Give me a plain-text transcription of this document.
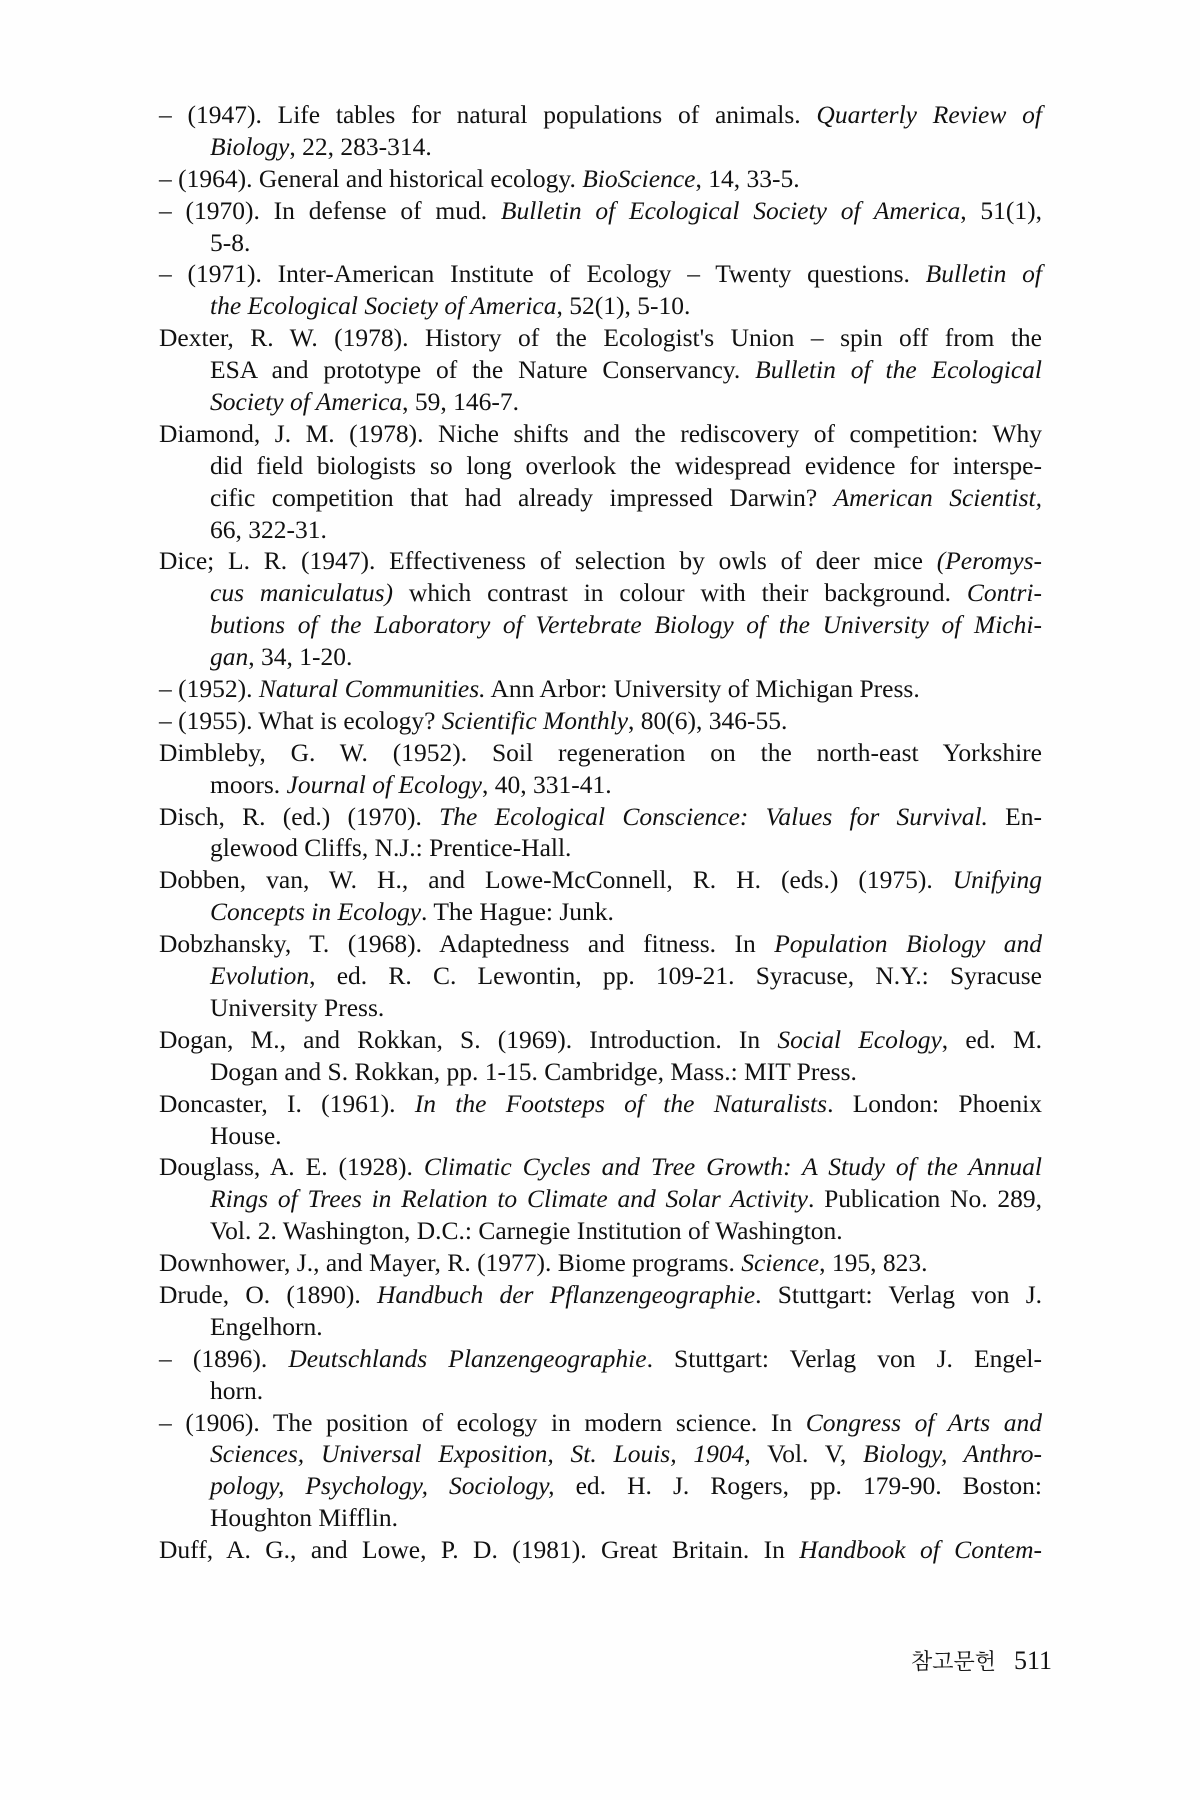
– (1947). Life tables for natural populations of animals. Quarterly Review of
Biology, 22, 283-314.
– (1964). General and historical ecology. BioScience, 14, 33-5.
– (1970). In defense of mud. Bulletin of Ecological Society of America, 51(1),
5-8.
– (1971). Inter-American Institute of Ecology – Twenty questions. Bulletin of
the Ecological Society of America, 52(1), 5-10.
Dexter, R. W. (1978). History of the Ecologist's Union – spin off from the
ESA and prototype of the Nature Conservancy. Bulletin of the Ecological
Society of America, 59, 146-7.
Diamond, J. M. (1978). Niche shifts and the rediscovery of competition: Why
did field biologists so long overlook the widespread evidence for interspe-
cific competition that had already impressed Darwin? American Scientist,
66, 322-31.
Dice; L. R. (1947). Effectiveness of selection by owls of deer mice (Peromys-
cus maniculatus) which contrast in colour with their background. Contri-
butions of the Laboratory of Vertebrate Biology of the University of Michi-
gan, 34, 1-20.
– (1952). Natural Communities. Ann Arbor: University of Michigan Press.
– (1955). What is ecology? Scientific Monthly, 80(6), 346-55.
Dimbleby, G. W. (1952). Soil regeneration on the north-east Yorkshire
moors. Journal of Ecology, 40, 331-41.
Disch, R. (ed.) (1970). The Ecological Conscience: Values for Survival. En-
glewood Cliffs, N.J.: Prentice-Hall.
Dobben, van, W. H., and Lowe-McConnell, R. H. (eds.) (1975). Unifying
Concepts in Ecology. The Hague: Junk.
Dobzhansky, T. (1968). Adaptedness and fitness. In Population Biology and
Evolution, ed. R. C. Lewontin, pp. 109-21. Syracuse, N.Y.: Syracuse
University Press.
Dogan, M., and Rokkan, S. (1969). Introduction. In Social Ecology, ed. M.
Dogan and S. Rokkan, pp. 1-15. Cambridge, Mass.: MIT Press.
Doncaster, I. (1961). In the Footsteps of the Naturalists. London: Phoenix
House.
Douglass, A. E. (1928). Climatic Cycles and Tree Growth: A Study of the Annual
Rings of Trees in Relation to Climate and Solar Activity. Publication No. 289,
Vol. 2. Washington, D.C.: Carnegie Institution of Washington.
Downhower, J., and Mayer, R. (1977). Biome programs. Science, 195, 823.
Drude, O. (1890). Handbuch der Pflanzengeographie. Stuttgart: Verlag von J.
Engelhorn.
– (1896). Deutschlands Planzengeographie. Stuttgart: Verlag von J. Engel-
horn.
– (1906). The position of ecology in modern science. In Congress of Arts and
Sciences, Universal Exposition, St. Louis, 1904, Vol. V, Biology, Anthro-
pology, Psychology, Sociology, ed. H. J. Rogers, pp. 179-90. Boston:
Houghton Mifflin.
Duff, A. G., and Lowe, P. D. (1981). Great Britain. In Handbook of Contem-
참고문헌 511
